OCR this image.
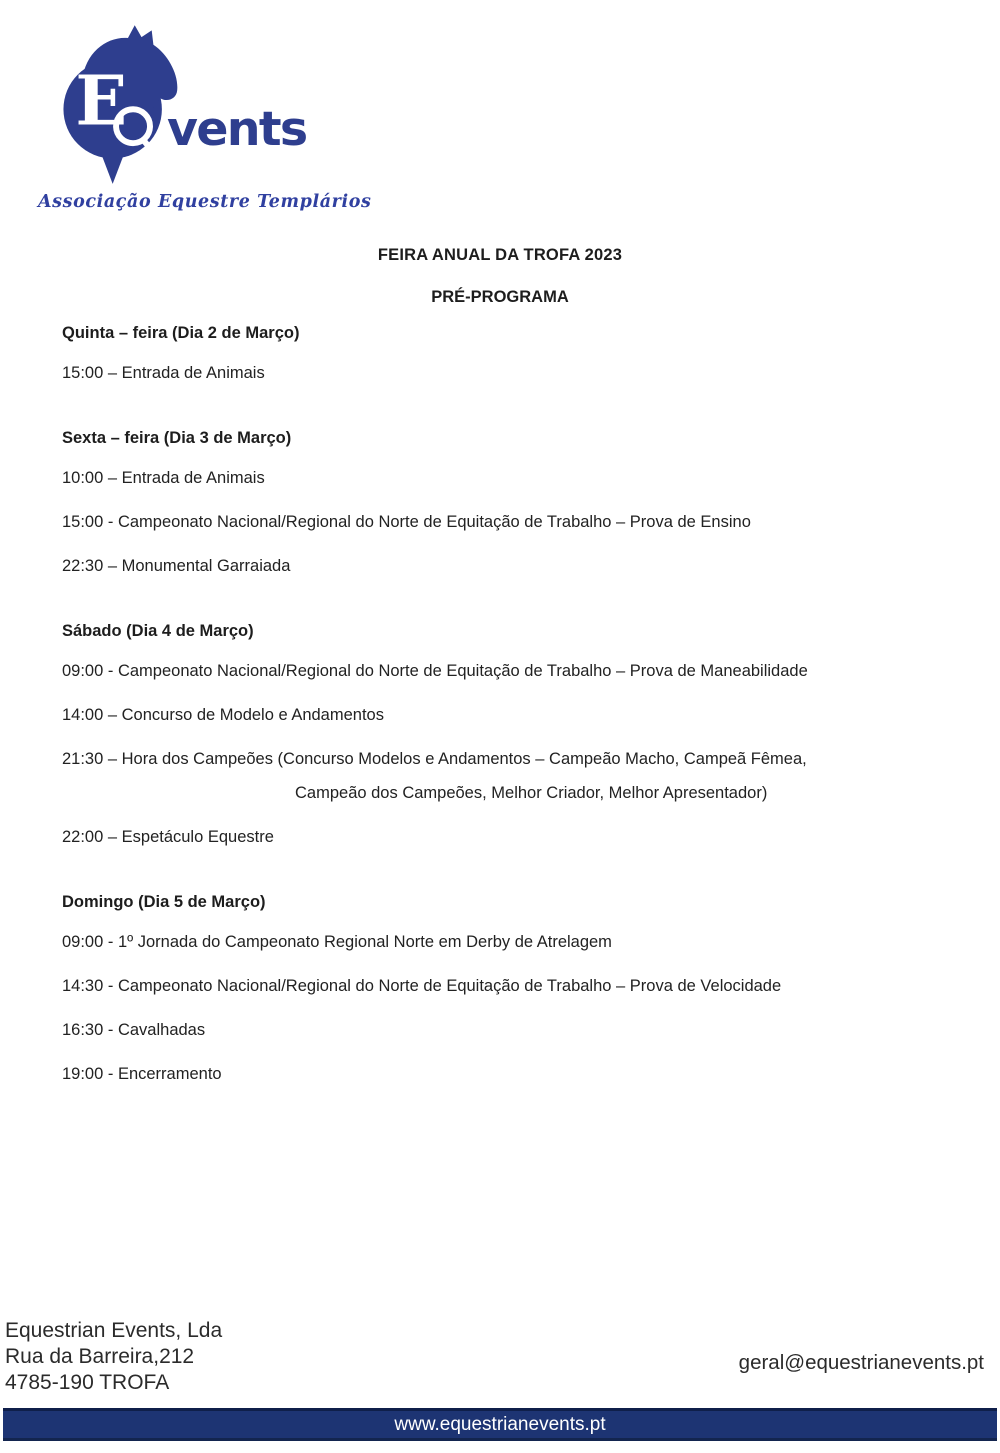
E vents
Associação Equestre Templários
FEIRA ANUAL DA TROFA 2023
PRÉ-PROGRAMA

Quinta – feira (Dia 2 de Março)

15:00 – Entrada de Animais

Sexta – feira (Dia 3 de Março)

10:00 – Entrada de Animais

15:00 - Campeonato Nacional/Regional do Norte de Equitação de Trabalho – Prova de Ensino

22:30 – Monumental Garraiada

Sábado (Dia 4 de Março)

09:00 - Campeonato Nacional/Regional do Norte de Equitação de Trabalho – Prova de Maneabilidade

14:00 – Concurso de Modelo e Andamentos

21:30 – Hora dos Campeões (Concurso Modelos e Andamentos – Campeão Macho, Campeã Fêmea,

Campeão dos Campeões, Melhor Criador, Melhor Apresentador)

22:00 – Espetáculo Equestre

Domingo (Dia 5 de Março)

09:00 - 1º Jornada do Campeonato Regional Norte em Derby de Atrelagem

14:30 - Campeonato Nacional/Regional do Norte de Equitação de Trabalho – Prova de Velocidade

16:30 - Cavalhadas

19:00 - Encerramento

Equestrian Events, Lda
Rua da Barreira,212
4785-190 TROFA
geral@equestrianevents.pt
www.equestrianevents.pt
